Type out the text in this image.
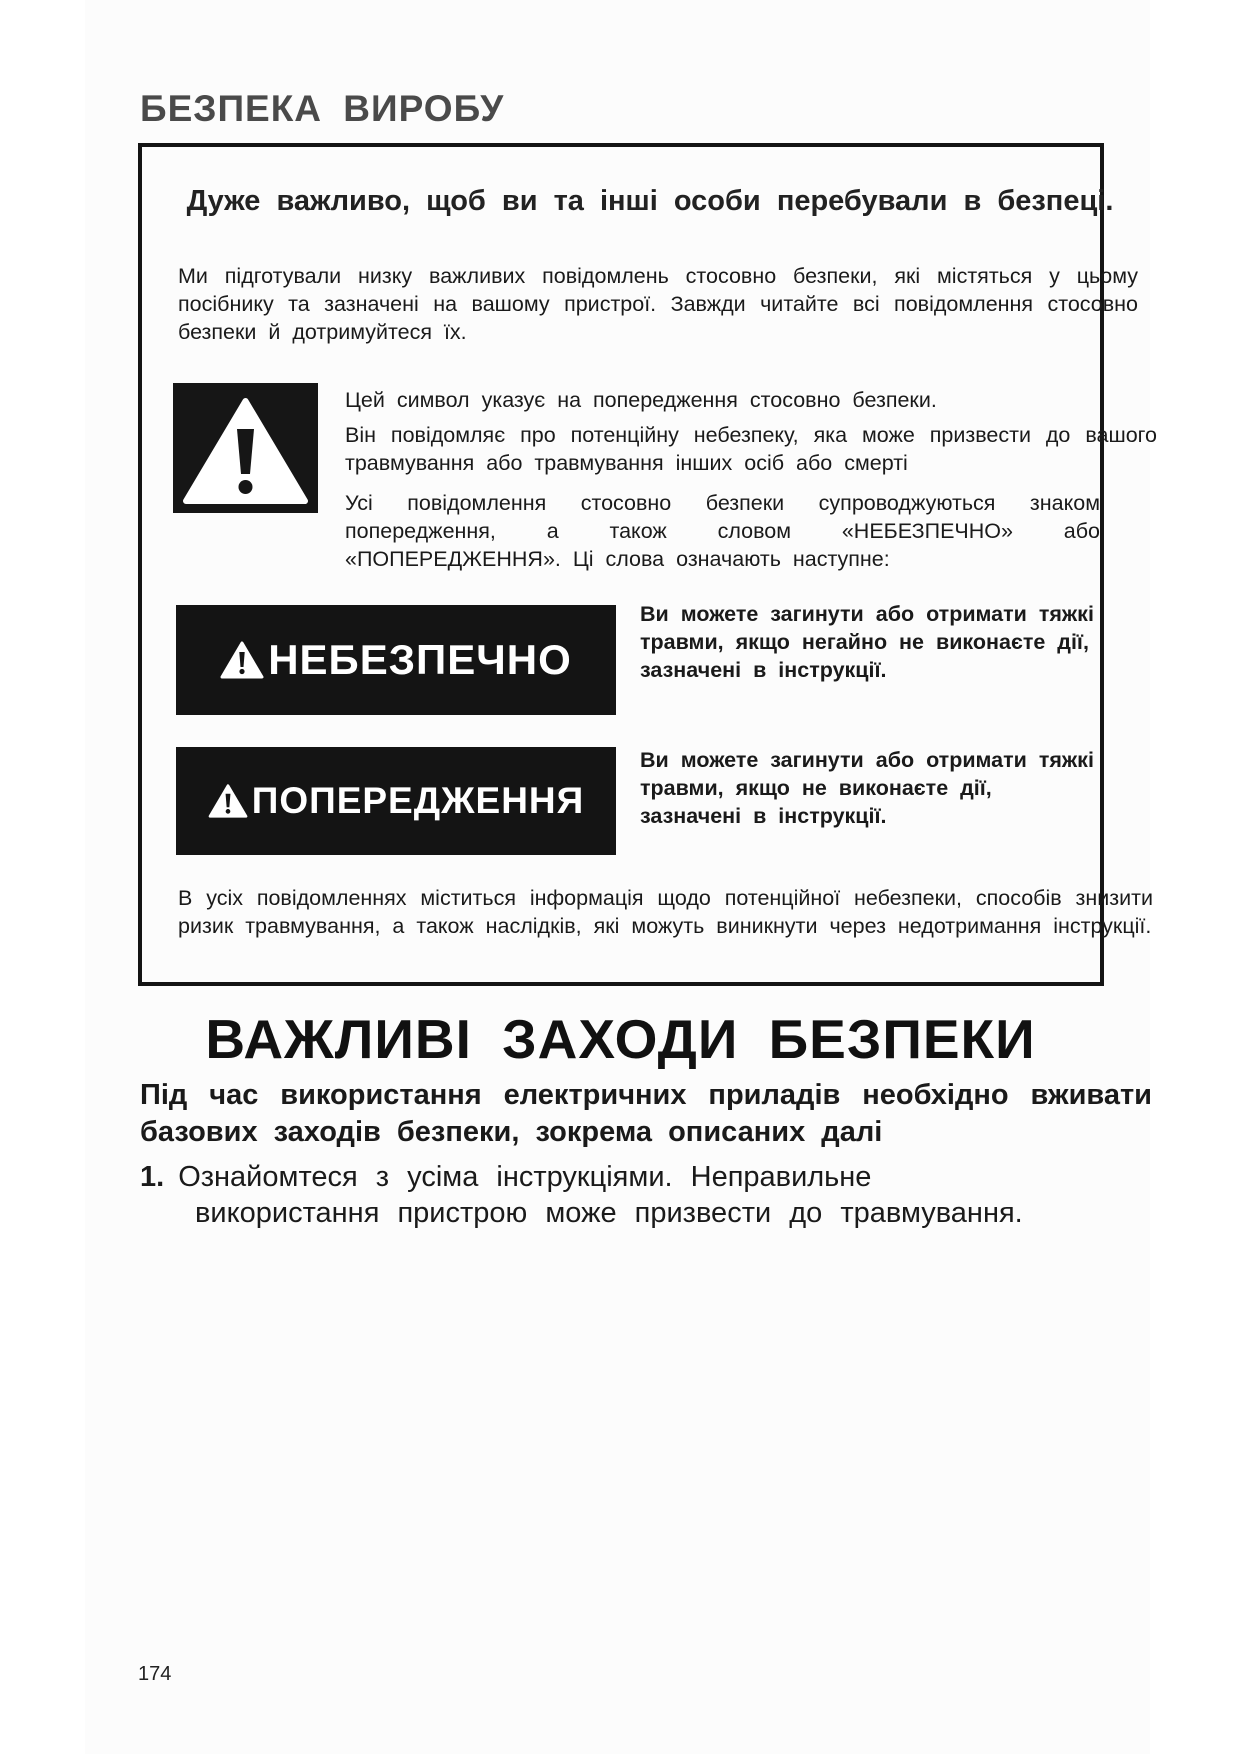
БЕЗПЕКА ВИРОБУ
Дуже важливо, щоб ви та інші особи перебували в безпеці.

Ми підготували низку важливих повідомлень стосовно безпеки, які містяться у цьому посібнику та зазначені на вашому пристрої. Завжди читайте всі повідомлення стосовно безпеки й дотримуйтеся їх.

Цей символ указує на попередження стосовно безпеки.

Він повідомляє про потенційну небезпеку, яка може призвести до вашого травмування або травмування інших осіб або смерті

Усі повідомлення стосовно безпеки супроводжуються знаком попередження, а також словом «НЕБЕЗПЕЧНО» або «ПОПЕРЕДЖЕННЯ». Ці слова означають наступне:

НЕБЕЗПЕЧНО

Ви можете загинути або отримати тяжкі травми, якщо негайно не виконаєте дії, зазначені в інструкції.

ПОПЕРЕДЖЕННЯ

Ви можете загинути або отримати тяжкі травми, якщо не виконаєте дії, зазначені в інструкції.

В усіх повідомленнях міститься інформація щодо потенційної небезпеки, способів знизити ризик травмування, а також наслідків, які можуть виникнути через недотримання інструкції.

ВАЖЛИВІ ЗАХОДИ БЕЗПЕКИ

Під час використання електричних приладів необхідно вживати базових заходів безпеки, зокрема описаних далі

1. Ознайомтеся з усіма інструкціями. Неправильне
використання пристрою може призвести до травмування.

174
